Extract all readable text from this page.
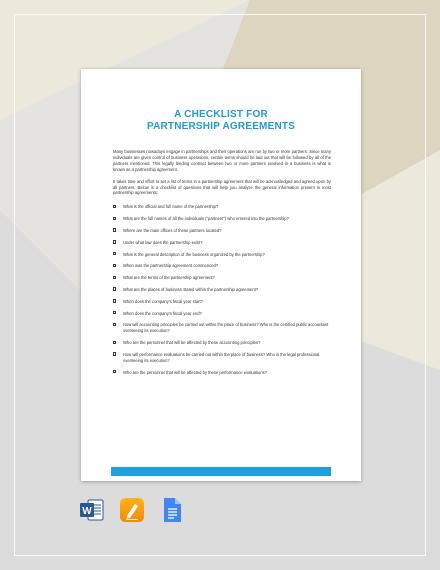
A CHECKLIST FOR
PARTNERSHIP AGREEMENTS

Many businesses nowadays engage in partnerships and their operations are run by two or more partners. Since many individuals are given control of business operations, certain terms should be laid out that will be followed by all of the partners mentioned. This legally binding contract between two or more partners involved in a business is what is known as a partnership agreement.

It takes time and effort to set a list of terms in a partnership agreement that will be acknowledged and agreed upon by all partners. Below is a checklist of questions that will help you analyze the general information present in most partnership agreements:

What is the official and full name of the partnership?
What are the full names of all the individuals ("partners") who entered into the partnership?
Where are the main offices of these partners located?
Under what law does the partnership exist?
What is the general description of the business organized by the partnership?
When was the partnership agreement commenced?
What are the terms of the partnership agreement?
What are the places of business stated within the partnership agreement?
When does the company's fiscal year start?
When does the company's fiscal year end?
How will accounting principles be carried out within the place of business? Who is the certified public accountant overseeing its execution?
Who are the personnel that will be affected by these accounting principles?
How will performance evaluations be carried out within the place of business? Who is the legal professional overseeing its execution?
Who are the personnel that will be affected by these performance evaluations?
W
